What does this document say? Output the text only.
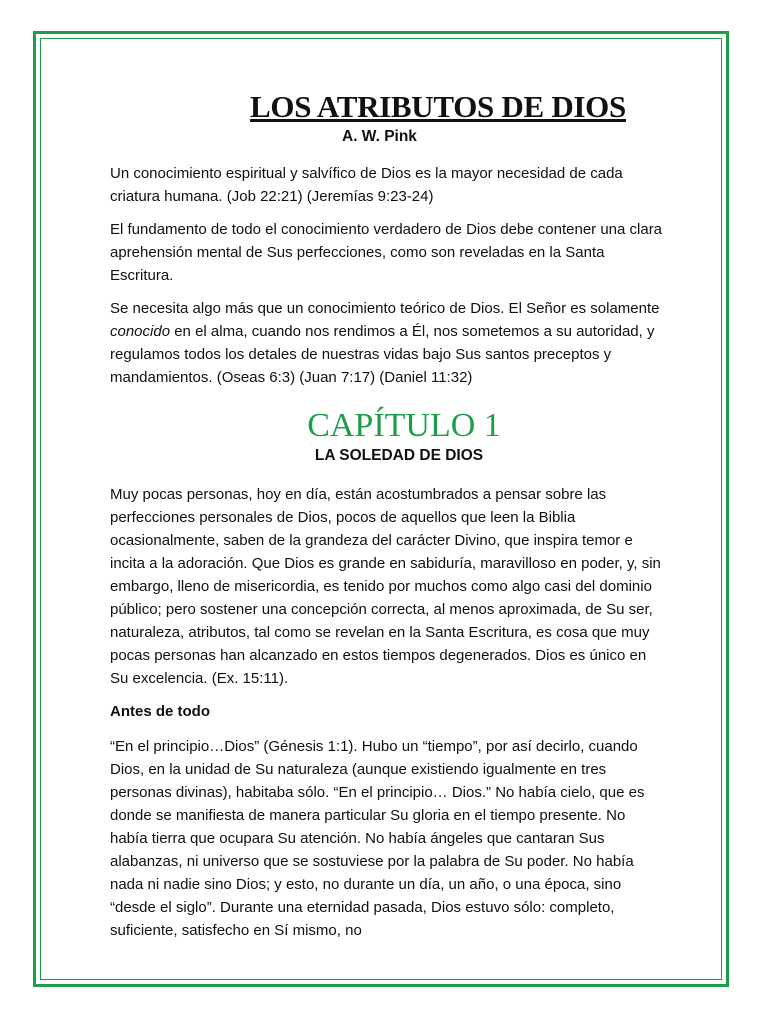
LOS ATRIBUTOS DE DIOS
A. W. Pink

Un conocimiento espiritual y salvífico de Dios es la mayor necesidad de cada criatura humana. (Job 22:21) (Jeremías 9:23-24)

El fundamento de todo el conocimiento verdadero de Dios debe contener una clara aprehensión mental de Sus perfecciones, como son reveladas en la Santa Escritura.

Se necesita algo más que un conocimiento teórico de Dios. El Señor es solamente conocido en el alma, cuando nos rendimos a Él, nos sometemos a su autoridad, y regulamos todos los detales de nuestras vidas bajo Sus santos preceptos y mandamientos. (Oseas 6:3) (Juan 7:17) (Daniel 11:32)

CAPÍTULO 1
LA SOLEDAD DE DIOS

Muy pocas personas, hoy en día, están acostumbrados a pensar sobre las perfecciones personales de Dios, pocos de aquellos que leen la Biblia ocasionalmente, saben de la grandeza del carácter Divino, que inspira temor e incita a la adoración. Que Dios es grande en sabiduría, maravilloso en poder, y, sin embargo, lleno de misericordia, es tenido por muchos como algo casi del dominio público; pero sostener una concepción correcta, al menos aproximada, de Su ser, naturaleza, atributos, tal como se revelan en la Santa Escritura, es cosa que muy pocas personas han alcanzado en estos tiempos degenerados. Dios es único en Su excelencia. (Ex. 15:11).

Antes de todo

“En el principio…Dios” (Génesis 1:1). Hubo un “tiempo”, por así decirlo, cuando Dios, en la unidad de Su naturaleza (aunque existiendo igualmente en tres personas divinas), habitaba sólo. “En el principio… Dios.” No había cielo, que es donde se manifiesta de manera particular Su gloria en el tiempo presente. No había tierra que ocupara Su atención. No había ángeles que cantaran Sus alabanzas, ni universo que se sostuviese por la palabra de Su poder. No había nada ni nadie sino Dios; y esto, no durante un día, un año, o una época, sino “desde el siglo”. Durante una eternidad pasada, Dios estuvo sólo: completo, suficiente, satisfecho en Sí mismo, no
